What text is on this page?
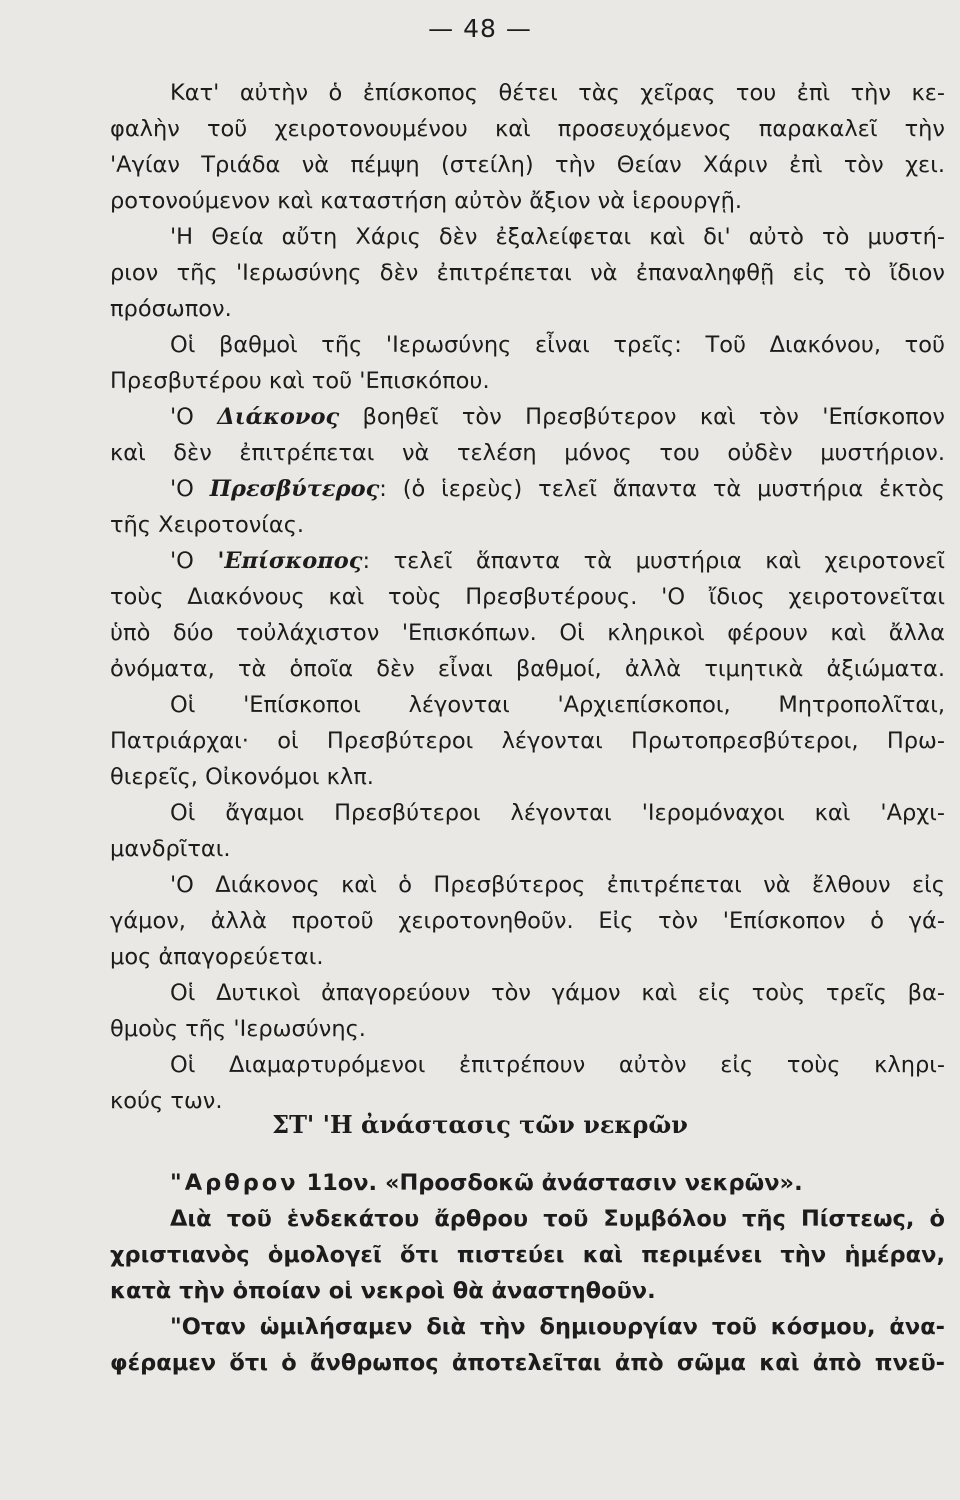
— 48 —
Κατ' αὐτὴν ὁ ἐπίσκοπος θέτει τὰς χεῖρας του ἐπὶ τὴν κε-
φαλὴν τοῦ χειροτονουμένου καὶ προσευχόμενος παρακαλεῖ τὴν
'Αγίαν Τριάδα νὰ πέμψη (στείλη) τὴν Θείαν Χάριν ἐπὶ τὸν χει.
ροτονούμενον καὶ καταστήση αὐτὸν ἄξιον νὰ ἱερουργῇ.
'Η Θεία αὔτη Χάρις δὲν ἐξαλείφεται καὶ δι' αὐτὸ τὸ μυστή-
ριον τῆς 'Ιερωσύνης δὲν ἐπιτρέπεται νὰ ἐπαναληφθῇ εἰς τὸ ἴδιον
πρόσωπον.
Οἱ βαθμοὶ τῆς 'Ιερωσύνης εἶναι τρεῖς: Τοῦ Διακόνου, τοῦ
Πρεσβυτέρου καὶ τοῦ 'Επισκόπου.
'Ο Διάκονος βοηθεῖ τὸν Πρεσβύτερον καὶ τὸν 'Επίσκοπον
καὶ δὲν ἐπιτρέπεται νὰ τελέση μόνος του οὐδὲν μυστήριον.
'Ο Πρεσβύτερος: (ὁ ἱερεὺς) τελεῖ ἅπαντα τὰ μυστήρια ἐκτὸς
τῆς Χειροτονίας.
'Ο 'Επίσκοπος: τελεῖ ἅπαντα τὰ μυστήρια καὶ χειροτονεῖ
τοὺς Διακόνους καὶ τοὺς Πρεσβυτέρους. 'Ο ἴδιος χειροτονεῖται
ὑπὸ δύο τοὐλάχιστον 'Επισκόπων. Οἱ κληρικοὶ φέρουν καὶ ἄλλα
ὀνόματα, τὰ ὁποῖα δὲν εἶναι βαθμοί, ἀλλὰ τιμητικὰ ἀξιώματα.
Οἱ 'Επίσκοποι λέγονται 'Αρχιεπίσκοποι, Μητροπολῖται,
Πατριάρχαι· οἱ Πρεσβύτεροι λέγονται Πρωτοπρεσβύτεροι, Πρω-
θιερεῖς, Οἰκονόμοι κλπ.
Οἱ ἄγαμοι Πρεσβύτεροι λέγονται 'Ιερομόναχοι καὶ 'Αρχι-
μανδρῖται.
'Ο Διάκονος καὶ ὁ Πρεσβύτερος ἐπιτρέπεται νὰ ἔλθουν εἰς
γάμον, ἀλλὰ προτοῦ χειροτονηθοῦν. Εἰς τὸν 'Επίσκοπον ὁ γά-
μος ἀπαγορεύεται.
Οἱ Δυτικοὶ ἀπαγορεύουν τὸν γάμον καὶ εἰς τοὺς τρεῖς βα-
θμοὺς τῆς 'Ιερωσύνης.
Οἱ Διαμαρτυρόμενοι ἐπιτρέπουν αὐτὸν εἰς τοὺς κληρι-
κούς των.
ΣΤ' 'Η ἀνάστασις τῶν νεκρῶν
"Αρθρον 11ον. «Προσδοκῶ ἀνάστασιν νεκρῶν».
Διὰ τοῦ ἑνδεκάτου ἄρθρου τοῦ Συμβόλου τῆς Πίστεως, ὁ
χριστιανὸς ὁμολογεῖ ὅτι πιστεύει καὶ περιμένει τὴν ἡμέραν,
κατὰ τὴν ὁποίαν οἱ νεκροὶ θὰ ἀναστηθοῦν.
"Οταν ὡμιλήσαμεν διὰ τὴν δημιουργίαν τοῦ κόσμου, ἀνα-
φέραμεν ὅτι ὁ ἄνθρωπος ἀποτελεῖται ἀπὸ σῶμα καὶ ἀπὸ πνεῦ-
